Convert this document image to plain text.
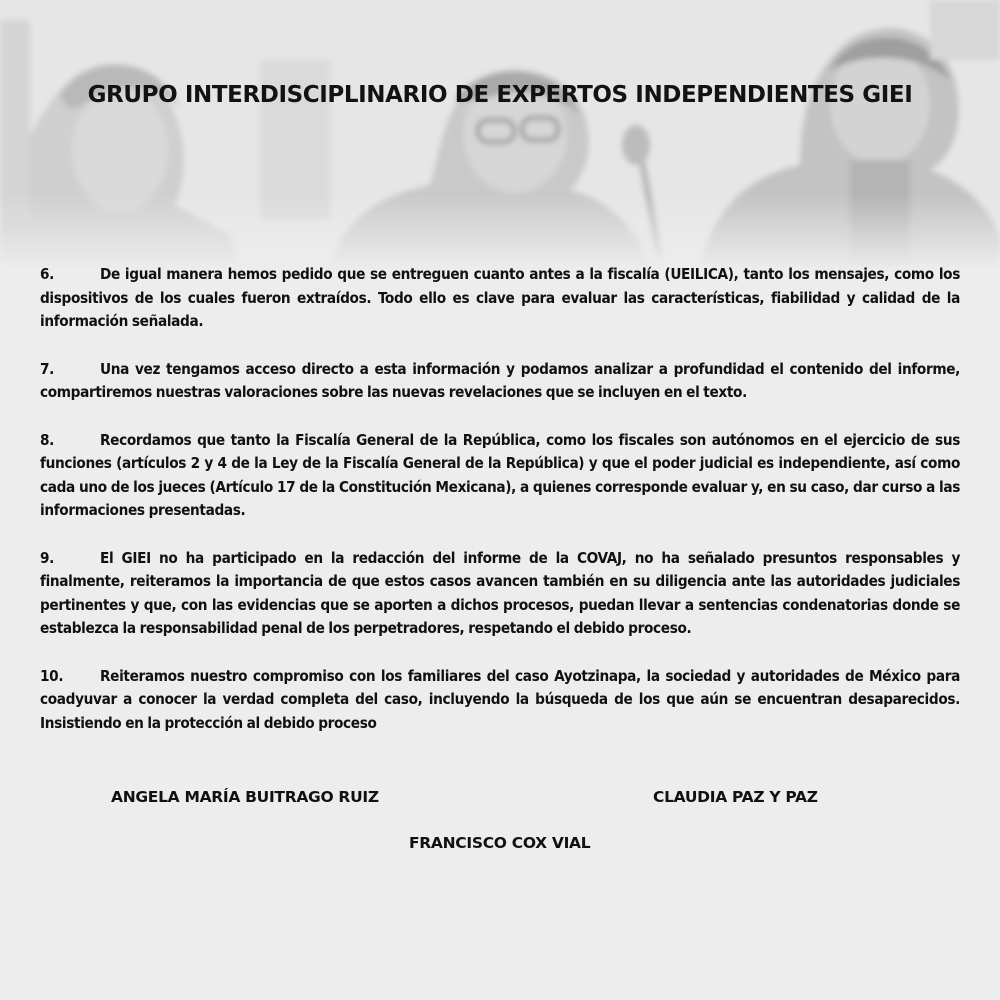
GRUPO INTERDISCIPLINARIO DE EXPERTOS INDEPENDIENTES GIEI

6.	De igual manera hemos pedido que se entreguen cuanto antes a la fiscalía (UEILICA), tanto los mensajes, como los dispositivos de los cuales fueron extraídos. Todo ello es clave para evaluar las características, fiabilidad y calidad de la información señalada.

7.	Una vez tengamos acceso directo a esta información y podamos analizar a profundidad el contenido del informe, compartiremos nuestras valoraciones sobre las nuevas revelaciones que se incluyen en el texto.

8.	Recordamos que tanto la Fiscalía General de la República, como los fiscales son autónomos en el ejercicio de sus funciones (artículos 2 y 4 de la Ley de la Fiscalía General de la República) y que el poder judicial es independiente, así como cada uno de los jueces (Artículo 17 de la Constitución Mexicana), a quienes corresponde evaluar y, en su caso, dar curso a las informaciones presentadas.

9.	El GIEI no ha participado en la redacción del informe de la COVAJ, no ha señalado presuntos responsables y finalmente, reiteramos la importancia de que estos casos avancen también en su diligencia ante las autoridades judiciales pertinentes y que, con las evidencias que se aporten a dichos procesos, puedan llevar a sentencias condenatorias donde se establezca la responsabilidad penal de los perpetradores, respetando el debido proceso.

10. Reiteramos nuestro compromiso con los familiares del caso Ayotzinapa, la sociedad y autoridades de México para coadyuvar a conocer la verdad completa del caso, incluyendo la búsqueda de los que aún se encuentran desaparecidos. Insistiendo en la protección al debido proceso

ANGELA MARÍA BUITRAGO RUIZ	CLAUDIA PAZ Y PAZ
FRANCISCO COX VIAL
